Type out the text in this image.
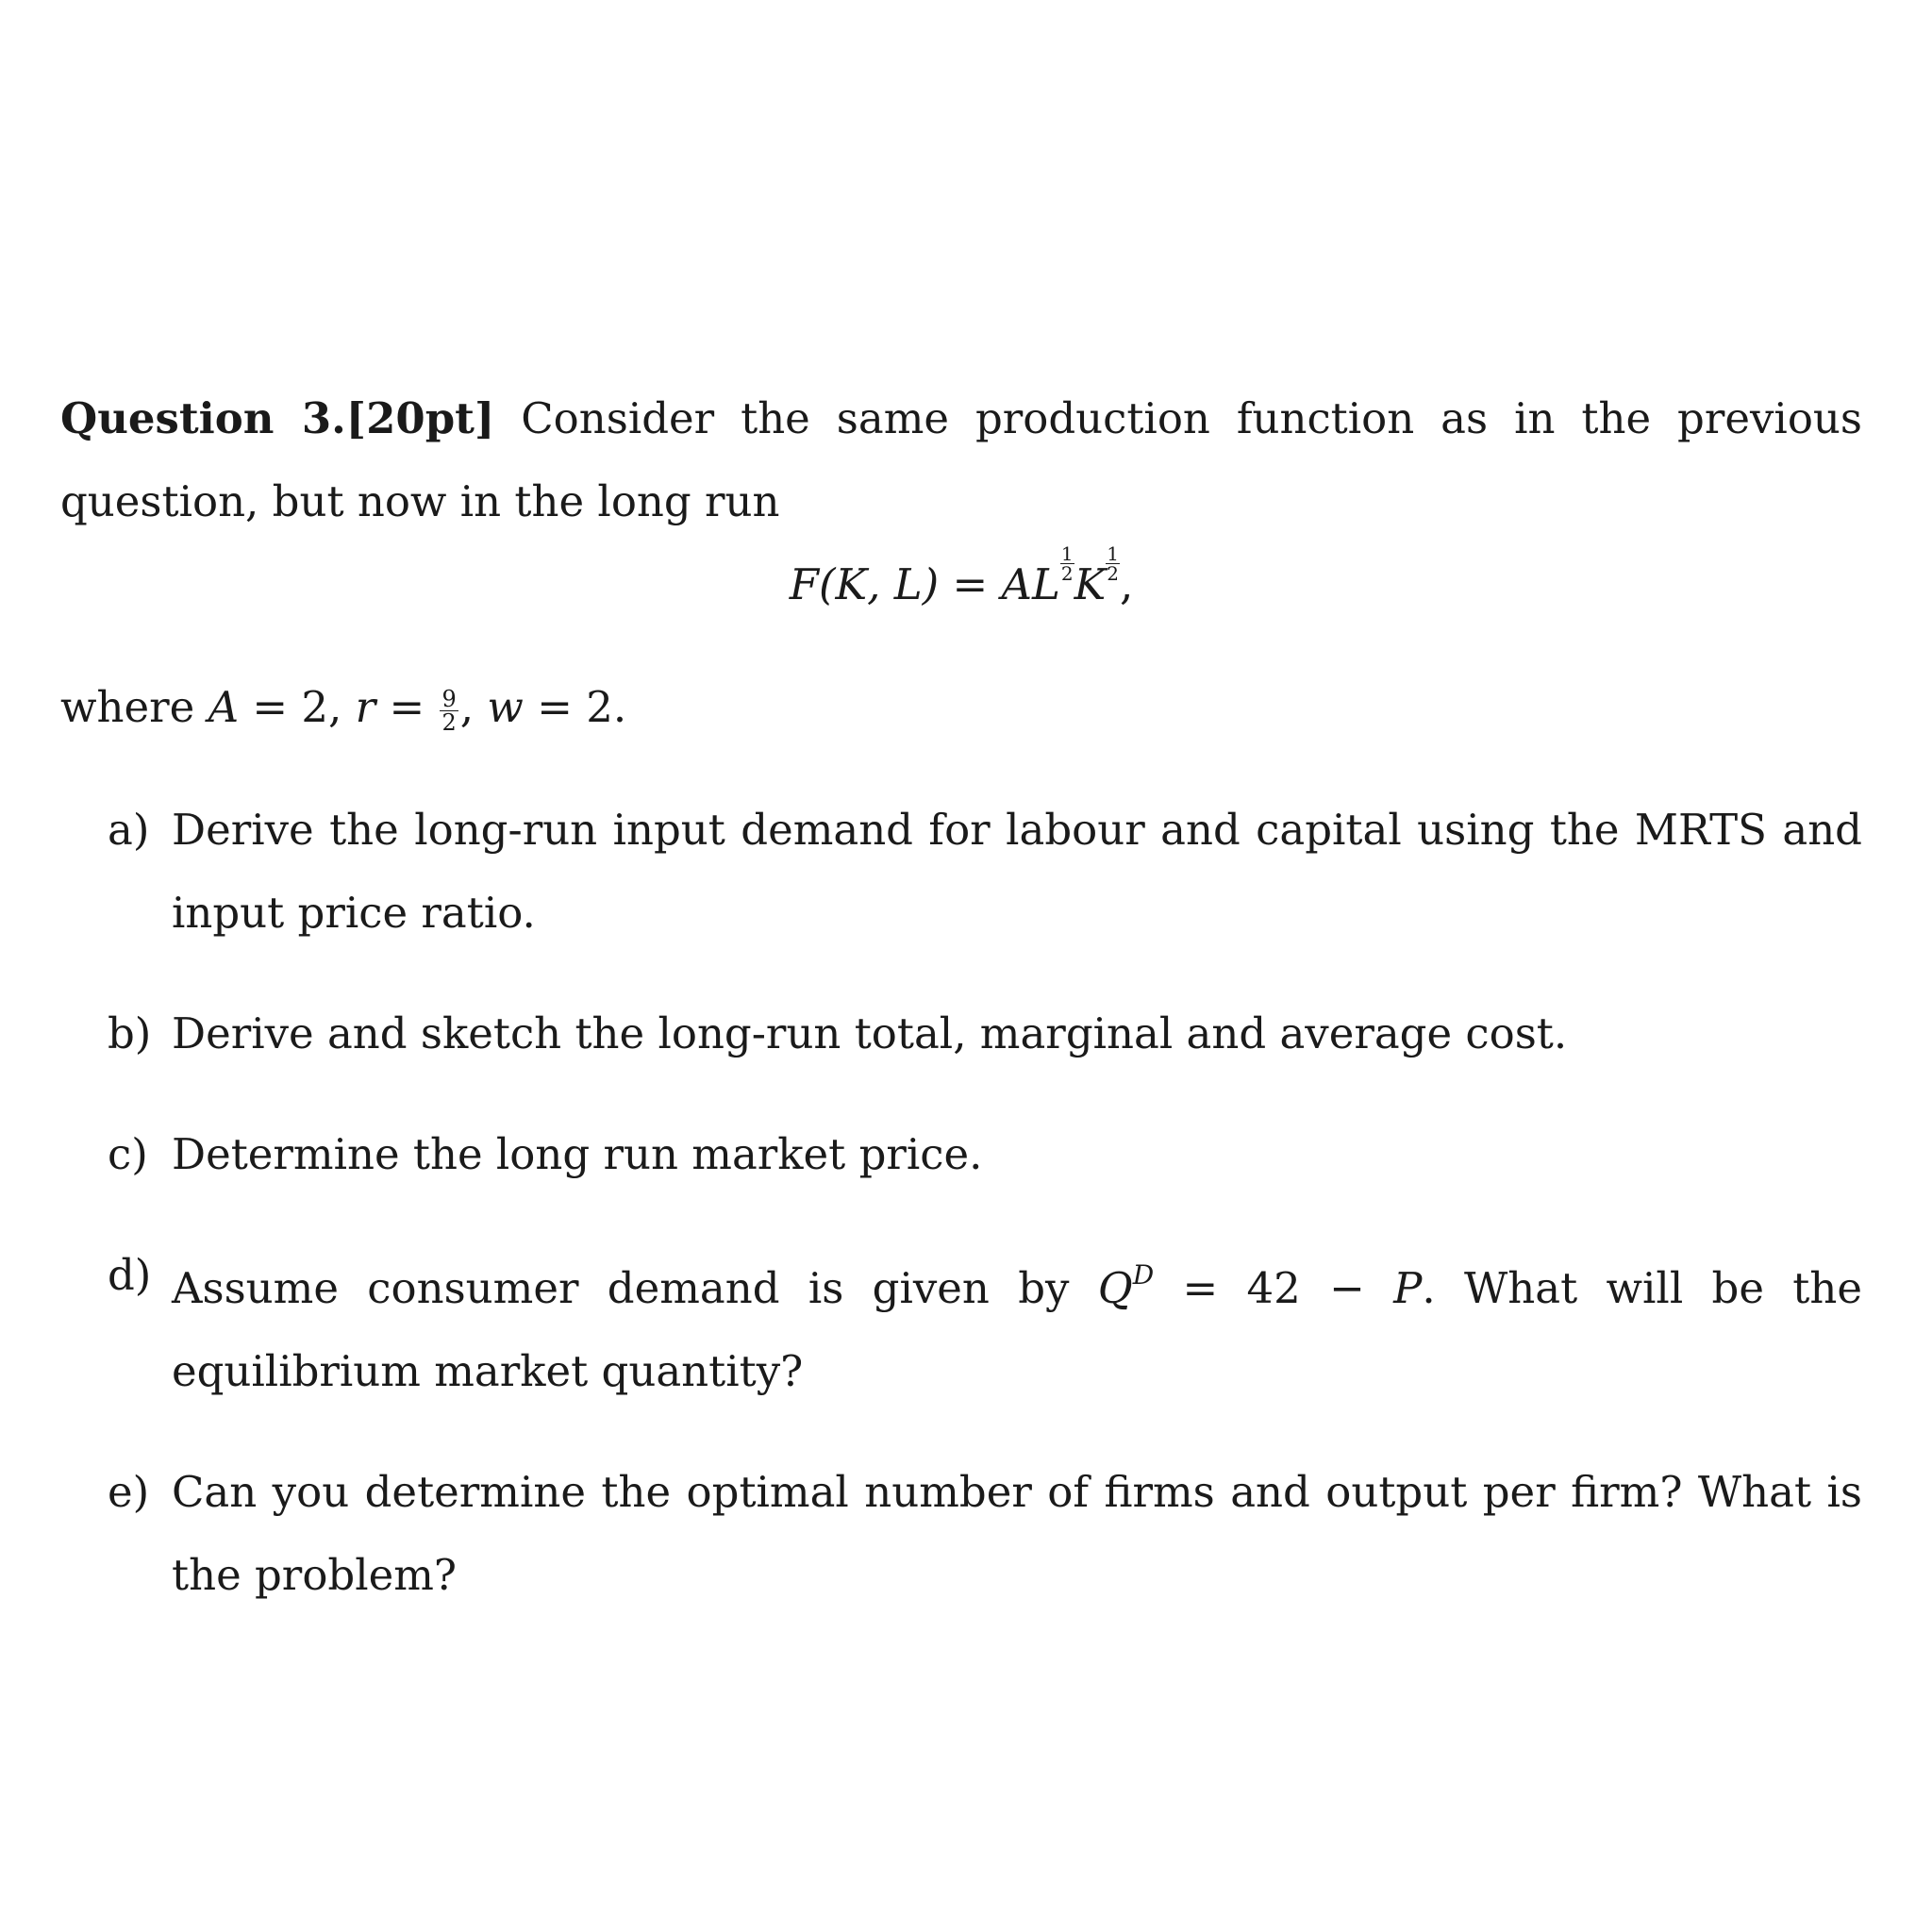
Question 3.[20pt] Consider the same production function as in the previous question, but now in the long run

F(K, L) = AL $\frac{1}{2}$ K $\frac{1}{2}$ ,

where A = 2, $r = \frac{9}{2}$ , w = 2.

a) Derive the long-run input demand for labour and capital using the MRTS and input price ratio.
b) Derive and sketch the long-run total, marginal and average cost.
c) Determine the long run market price.
d) Assume consumer demand is given by $Q^D = 42 - P$. What will be the equilibrium market quantity?
e) Can you determine the optimal number of firms and output per firm? What is the problem?
